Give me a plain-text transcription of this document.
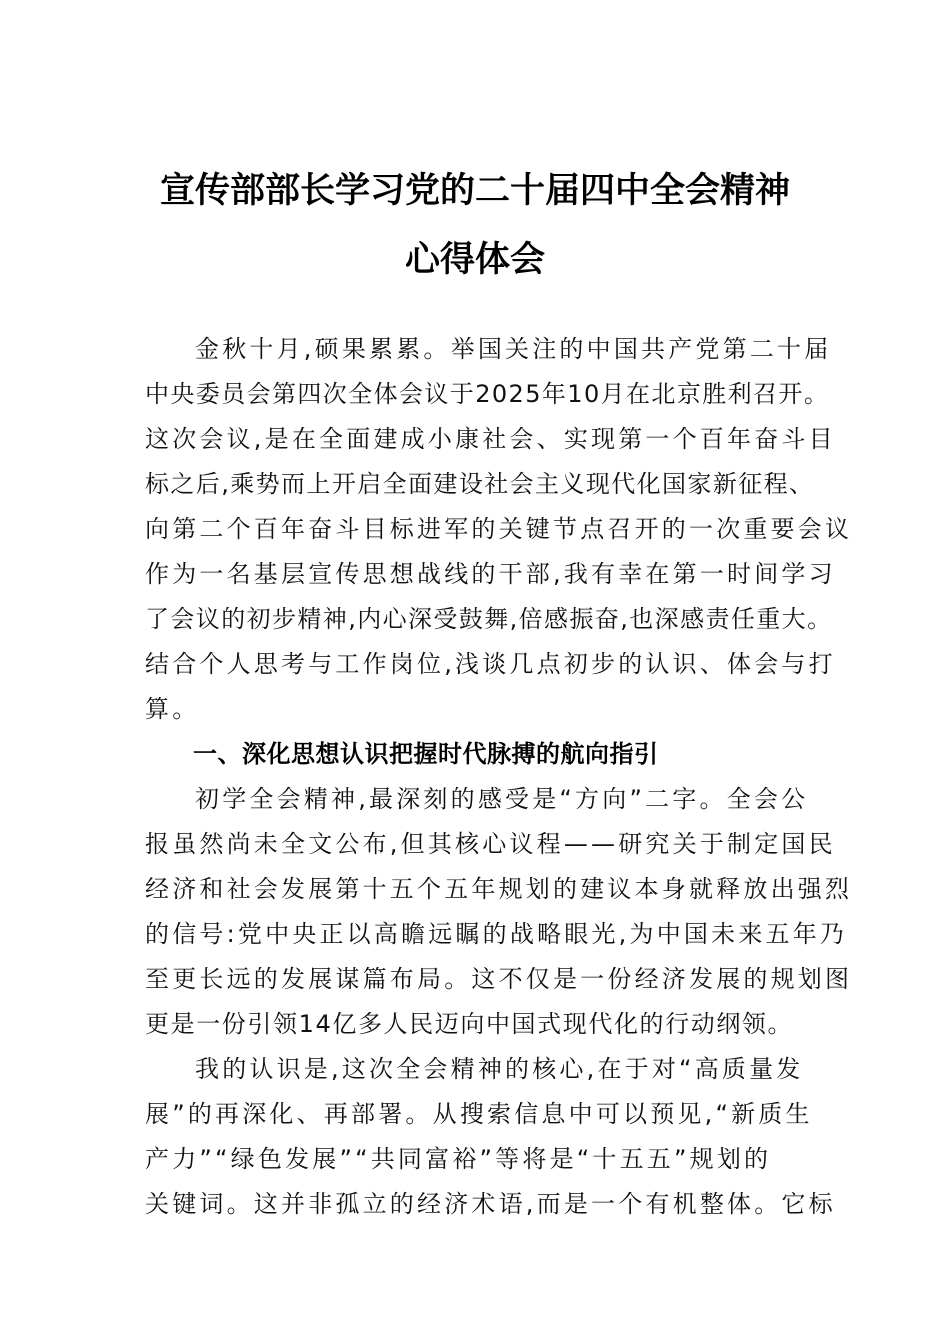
宣传部部长学习党的二十届四中全会精神
心得体会
金秋十月,硕果累累。举国关注的中国共产党第二十届
中央委员会第四次全体会议于2025年10月在北京胜利召开。
这次会议,是在全面建成小康社会、实现第一个百年奋斗目
标之后,乘势而上开启全面建设社会主义现代化国家新征程、
向第二个百年奋斗目标进军的关键节点召开的一次重要会议
作为一名基层宣传思想战线的干部,我有幸在第一时间学习
了会议的初步精神,内心深受鼓舞,倍感振奋,也深感责任重大。
结合个人思考与工作岗位,浅谈几点初步的认识、体会与打
算。
一、深化思想认识把握时代脉搏的航向指引
初学全会精神,最深刻的感受是“方向”二字。全会公
报虽然尚未全文公布,但其核心议程——研究关于制定国民
经济和社会发展第十五个五年规划的建议本身就释放出强烈
的信号:党中央正以高瞻远瞩的战略眼光,为中国未来五年乃
至更长远的发展谋篇布局。这不仅是一份经济发展的规划图
更是一份引领14亿多人民迈向中国式现代化的行动纲领。
我的认识是,这次全会精神的核心,在于对“高质量发
展”的再深化、再部署。从搜索信息中可以预见,“新质生
产力”“绿色发展”“共同富裕”等将是“十五五”规划的
关键词。这并非孤立的经济术语,而是一个有机整体。它标
